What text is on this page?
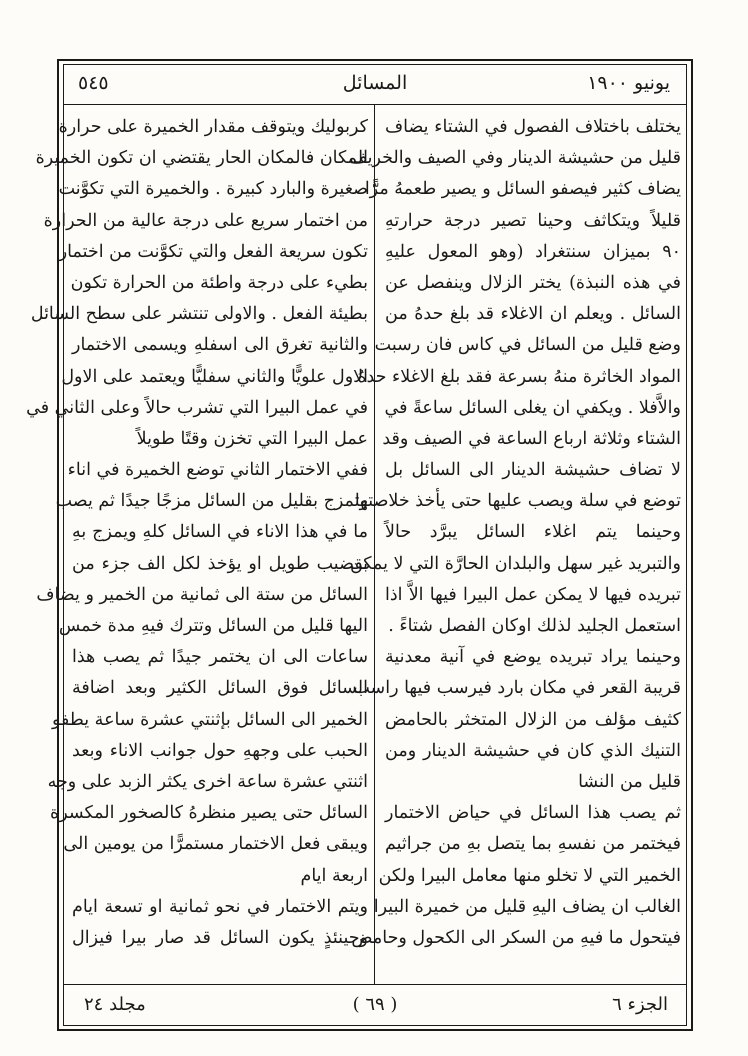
يونيو ١٩٠٠
المسائل
٥٤٥
يختلف باختلاف الفصول في الشتاء يضاف
قليل من حشيشة الدينار وفي الصيف والخريف
يضاف كثير فيصفو السائل و يصير طعمهُ مرًّا
قليلاً ويتكاثف وحينا تصير درجة حرارتهِ
٩٠ بميزان سنتغراد (وهو المعول عليهِ
في هذه النبذة) يختر الزلال وينفصل عن
السائل . ويعلم ان الاغلاء قد بلغ حدهُ من
وضع قليل من السائل في كاس فان رسبت
المواد الخاثرة منهُ بسرعة فقد بلغ الاغلاء حدهُ
والاَّفلا . ويكفي ان يغلى السائل ساعةً في
الشتاء وثلاثة ارباع الساعة في الصيف وقد
لا تضاف حشيشة الدينار الى السائل بل
توضع في سلة ويصب عليها حتى يأخذ خلاصتها
وحينما يتم اغلاء السائل يبرَّد حالاً
والتبريد غير سهل والبلدان الحارَّة التي لا يمكن
تبريده فيها لا يمكن عمل البيرا فيها الاَّ اذا
استعمل الجليد لذلك اوكان الفصل شتاءً .
وحينما يراد تبريده يوضع في آنية معدنية
قريبة القعر في مكان بارد فيرسب فيها راسب
كثيف مؤلف من الزلال المتخثر بالحامض
التنيك الذي كان في حشيشة الدينار ومن
قليل من النشا
ثم يصب هذا السائل في حياض الاختمار
فيختمر من نفسهِ بما يتصل بهِ من جراثيم
الخمير التي لا تخلو منها معامل البيرا ولكن
الغالب ان يضاف اليهِ قليل من خميرة البيرا
فيتحول ما فيهِ من السكر الى الكحول وحامض
كربوليك ويتوقف مقدار الخميرة على حرارة
المكان فالمكان الحار يقتضي ان تكون الخميرة
صغيرة والبارد كبيرة . والخميرة التي تكوَّنت
من اختمار سريع على درجة عالية من الحرارة
تكون سريعة الفعل والتي تكوَّنت من اختمار
بطيء على درجة واطئة من الحرارة تكون
بطيئة الفعل . والاولى تنتشر على سطح السائل
والثانية تغرق الى اسفلهِ ويسمى الاختمار
الاول علويًّا والثاني سفليًّا ويعتمد على الاول
في عمل البيرا التي تشرب حالاً وعلى الثاني في
عمل البيرا التي تخزن وقتًا طويلاً
ففي الاختمار الثاني توضع الخميرة في اناء
وتمزج بقليل من السائل مزجًا جيدًا ثم يصب
ما في هذا الاناء في السائل كلهِ ويمزج بهِ
بقضيب طويل او يؤخذ لكل الف جزء من
السائل من ستة الى ثمانية من الخمير و يضاف
اليها قليل من السائل وتترك فيهِ مدة خمس
ساعات الى ان يختمر جيدًا ثم يصب هذا
السائل فوق السائل الكثير وبعد اضافة
الخمير الى السائل بإثنتي عشرة ساعة يطفو
الحبب على وجههِ حول جوانب الاناء وبعد
اثنتي عشرة ساعة اخرى يكثر الزبد على وجه
السائل حتى يصير منظرهُ كالصخور المكسرة
ويبقى فعل الاختمار مستمرًّا من يومين الى
اربعة ايام
ويتم الاختمار في نحو ثمانية او تسعة ايام
وحينئذٍ يكون السائل قد صار بيرا فيزال
الجزء ٦
( ٦٩ )
مجلد ٢٤
